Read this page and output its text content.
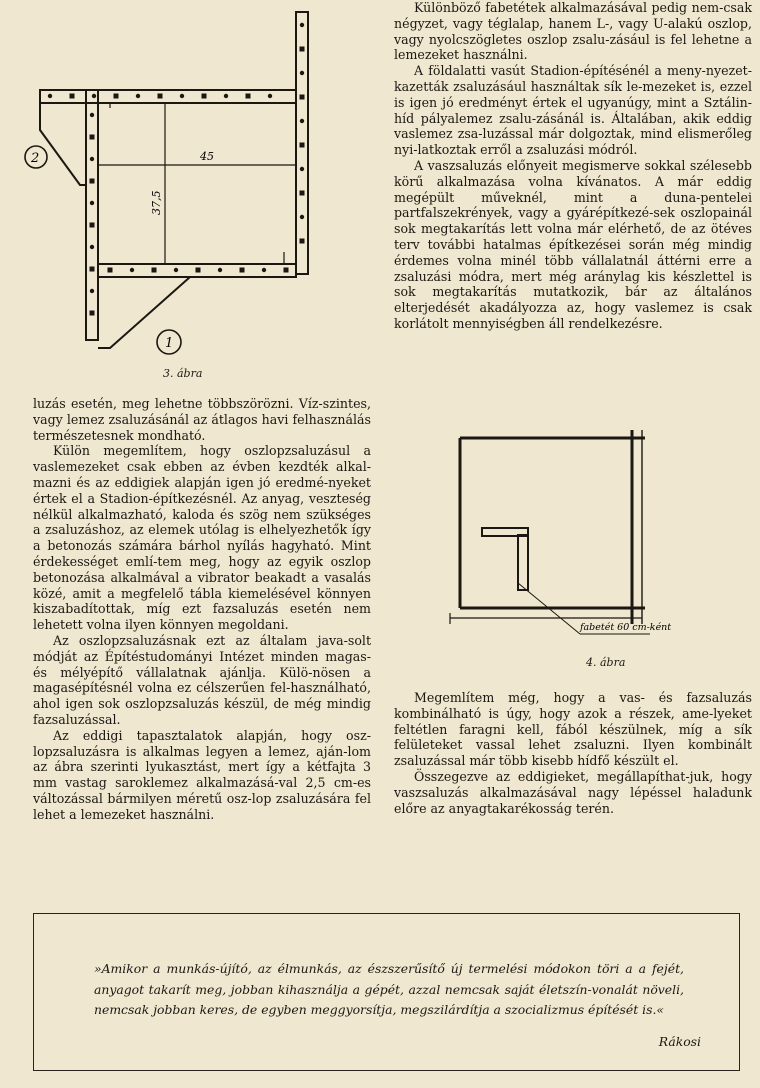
2
1
45
37,5
3. ábra
fabetét 60 cm-ként
4. ábra

luzás esetén, meg lehetne többszörözni. Víz-szintes, vagy lemez zsaluzásánál az átlagos havi felhasználás természetesnek mondható.

Külön megemlítem, hogy oszlopzsaluzásul a vaslemezeket csak ebben az évben kezdték alkal-mazni és az eddigiek alapján igen jó eredmé-nyeket értek el a Stadion-építkezésnél. Az anyag, veszteség nélkül alkalmazható, kaloda és szög nem szükséges a zsaluzáshoz, az elemek utólag is elhelyezhetők így a betonozás számára bárhol nyílás hagyható. Mint érdekességet emlí-tem meg, hogy az egyik oszlop betonozása alkalmával a vibrator beakadt a vasalás közé, amit a megfelelő tábla kiemelésével könnyen kiszabadítottak, míg ezt fazsaluzás esetén nem lehetett volna ilyen könnyen megoldani.

Az oszlopzsaluzásnak ezt az általam java-solt módját az Építéstudományi Intézet minden magas- és mélyépítő vállalatnak ajánlja. Külö-nösen a magasépítésnél volna ez célszerűen fel-használható, ahol igen sok oszlopzsaluzás készül, de még mindig fazsaluzással.

Az eddigi tapasztalatok alapján, hogy osz-lopzsaluzásra is alkalmas legyen a lemez, aján-lom az ábra szerinti lyukasztást, mert így a kétfajta 3 mm vastag saroklemez alkalmazásá-val 2,5 cm-es változással bármilyen méretű osz-lop zsaluzására fel lehet a lemezeket használni.

Különböző fabetétek alkalmazásával pedig nem-csak négyzet, vagy téglalap, hanem L-, vagy U-alakú oszlop, vagy nyolcszögletes oszlop zsalu-zásául is fel lehetne a lemezeket használni.

A földalatti vasút Stadion-építésénél a meny-nyezet-kazetták zsaluzásául használtak sík le-mezeket is, ezzel is igen jó eredményt értek el ugyanúgy, mint a Sztálin-híd pályalemez zsalu-zásánál is. Általában, akik eddig vaslemez zsa-luzással már dolgoztak, mind elismerőleg nyi-latkoztak erről a zsaluzási módról.

A vaszsaluzás előnyeit megismerve sokkal szélesebb körű alkalmazása volna kívánatos. A már eddig megépült műveknél, mint a duna-pentelei partfalszekrények, vagy a gyárépítkezé-sek oszlopainál sok megtakarítás lett volna már elérhető, de az ötéves terv további hatalmas építkezései során még mindig érdemes volna minél több vállalatnál áttérni erre a zsaluzási módra, mert még aránylag kis készlettel is sok megtakarítás mutatkozik, bár az általános elterjedését akadályozza az, hogy vaslemez is csak korlátolt mennyiségben áll rendelkezésre.

Megemlítem még, hogy a vas- és fazsaluzás kombinálható is úgy, hogy azok a részek, ame-lyeket feltétlen faragni kell, fából készülnek, míg a sík felületeket vassal lehet zsaluzni. Ilyen kombinált zsaluzással már több kisebb hídfő készült el.

Összegezve az eddigieket, megállapíthat-juk, hogy vaszsaluzás alkalmazásával nagy lépéssel haladunk előre az anyagtakarékosság terén.

»Amikor a munkás-újító, az élmunkás, az észszerűsítő új termelési módokon töri a a fejét, anyagot takarít meg, jobban kihasználja a gépét, azzal nemcsak saját életszín-vonalát növeli, nemcsak jobban keres, de egyben meggyorsítja, megszilárdítja a szocializmus építését is.«
Rákosi
